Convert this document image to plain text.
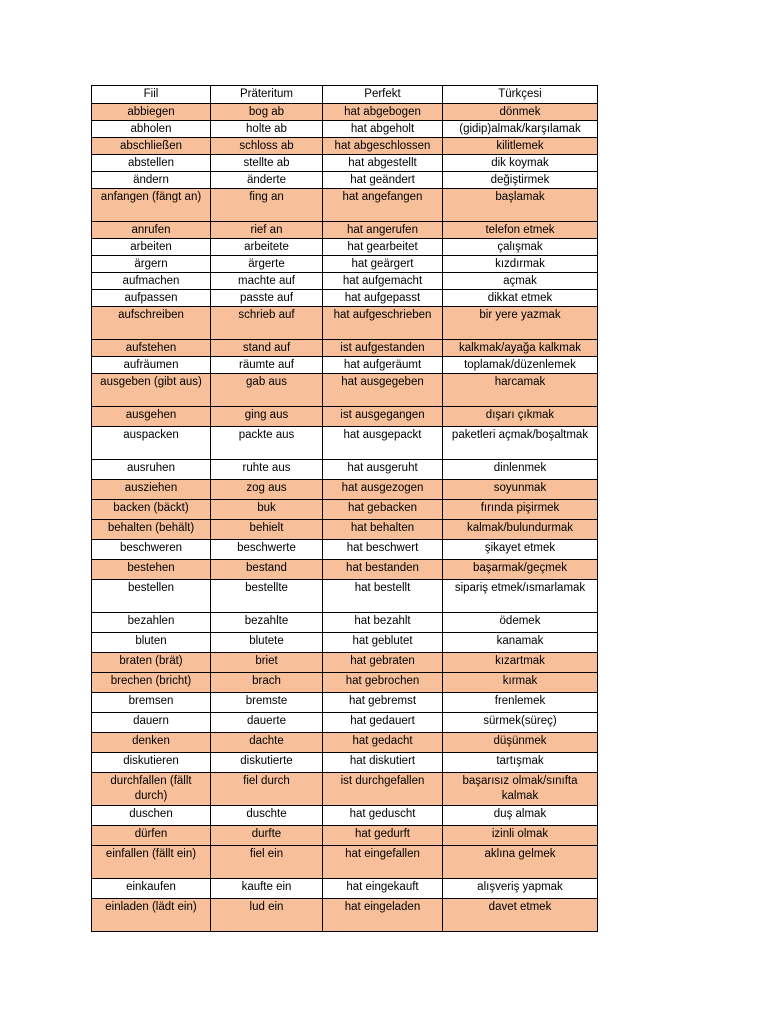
Fiil	Präteritum	Perfekt	Türkçesi
abbiegen	bog ab	hat abgebogen	dönmek
abholen	holte ab	hat abgeholt	(gidip)almak/karşılamak
abschließen	schloss ab	hat abgeschlossen	kilitlemek
abstellen	stellte ab	hat abgestellt	dik koymak
ändern	änderte	hat geändert	değiştirmek
anfangen (fängt an)	fing an	hat angefangen	başlamak
anrufen	rief an	hat angerufen	telefon etmek
arbeiten	arbeitete	hat gearbeitet	çalışmak
ärgern	ärgerte	hat geärgert	kızdırmak
aufmachen	machte auf	hat aufgemacht	açmak
aufpassen	passte auf	hat aufgepasst	dikkat etmek
aufschreiben	schrieb auf	hat aufgeschrieben	bir yere yazmak
aufstehen	stand auf	ist aufgestanden	kalkmak/ayağa kalkmak
aufräumen	räumte auf	hat aufgeräumt	toplamak/düzenlemek
ausgeben (gibt aus)	gab aus	hat ausgegeben	harcamak
ausgehen	ging aus	ist ausgegangen	dışarı çıkmak
auspacken	packte aus	hat ausgepackt	paketleri açmak/boşaltmak
ausruhen	ruhte aus	hat ausgeruht	dinlenmek
ausziehen	zog aus	hat ausgezogen	soyunmak
backen (bäckt)	buk	hat gebacken	fırında pişirmek
behalten (behält)	behielt	hat behalten	kalmak/bulundurmak
beschweren	beschwerte	hat beschwert	şikayet etmek
bestehen	bestand	hat bestanden	başarmak/geçmek
bestellen	bestellte	hat bestellt	sipariş etmek/ısmarlamak
bezahlen	bezahlte	hat bezahlt	ödemek
bluten	blutete	hat geblutet	kanamak
braten (brät)	briet	hat gebraten	kızartmak
brechen (bricht)	brach	hat gebrochen	kırmak
bremsen	bremste	hat gebremst	frenlemek
dauern	dauerte	hat gedauert	sürmek(süreç)
denken	dachte	hat gedacht	düşünmek
diskutieren	diskutierte	hat diskutiert	tartışmak
durchfallen (fällt durch)	fiel durch	ist durchgefallen	başarısız olmak/sınıfta kalmak
duschen	duschte	hat geduscht	duş almak
dürfen	durfte	hat gedurft	izinli olmak
einfallen (fällt ein)	fiel ein	hat eingefallen	aklına gelmek
einkaufen	kaufte ein	hat eingekauft	alışveriş yapmak
einladen (lädt ein)	lud ein	hat eingeladen	davet etmek
